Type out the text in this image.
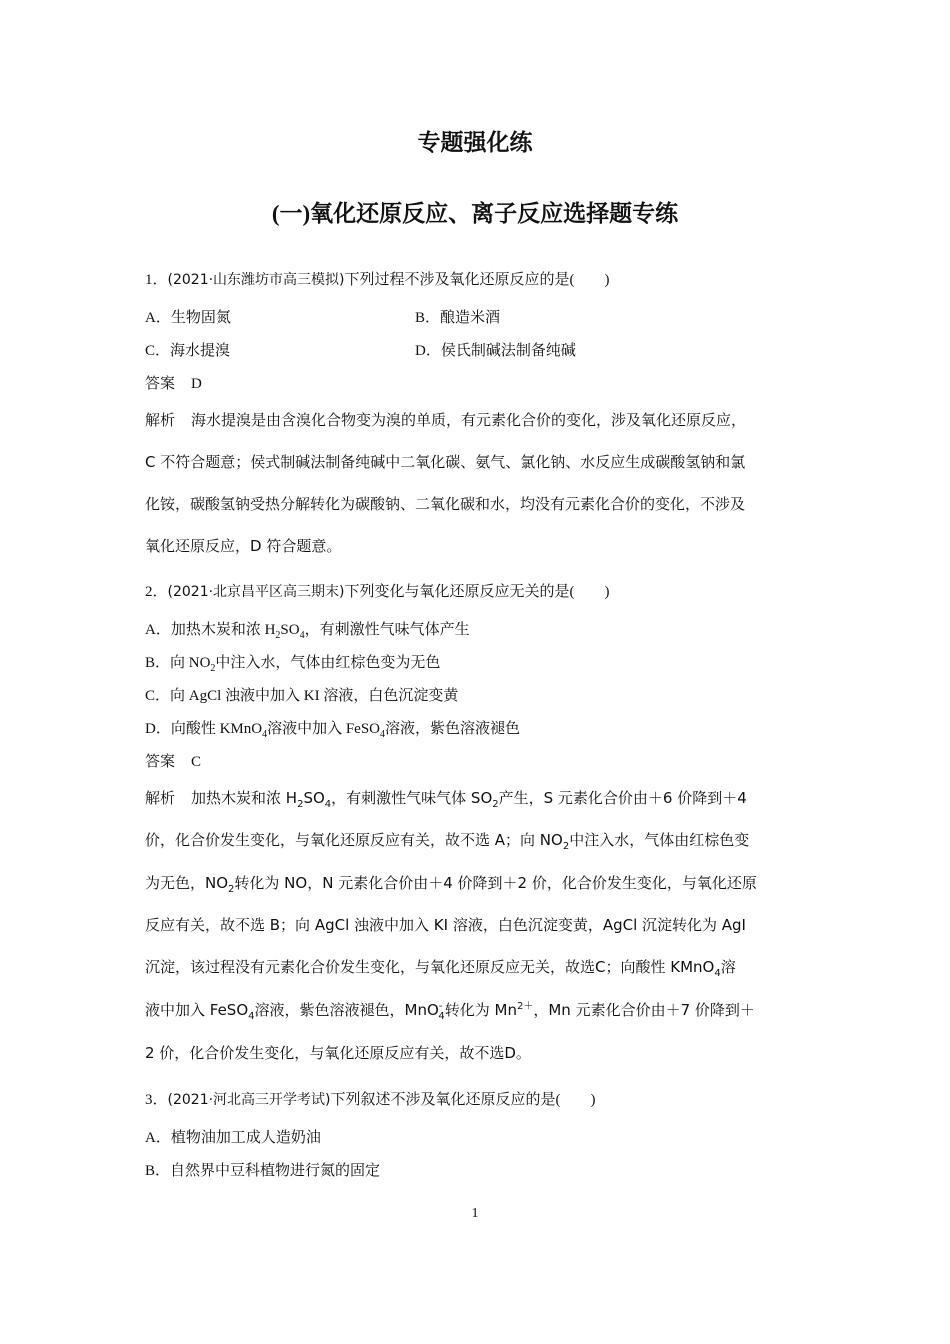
专题强化练
(一)氧化还原反应、离子反应选择题专练
1．(2021·山东潍坊市高三模拟)下列过程不涉及氧化还原反应的是(　　)
A．生物固氮	B．酿造米酒
C．海水提溴	D．侯氏制碱法制备纯碱
答案 D
解析 海水提溴是由含溴化合物变为溴的单质，有元素化合价的变化，涉及氧化还原反应，
C 不符合题意；侯式制碱法制备纯碱中二氧化碳、氨气、氯化钠、水反应生成碳酸氢钠和氯
化铵，碳酸氢钠受热分解转化为碳酸钠、二氧化碳和水，均没有元素化合价的变化，不涉及
氧化还原反应，D 符合题意。
2．(2021·北京昌平区高三期末)下列变化与氧化还原反应无关的是(　　)
A．加热木炭和浓 $H_2SO_4$，有刺激性气味气体产生
B．向 $NO_2$中注入水，气体由红棕色变为无色
C．向 AgCl 浊液中加入 KI 溶液，白色沉淀变黄
D．向酸性 KMnO$_4$溶液中加入 FeSO$_4$溶液，紫色溶液褪色
答案 C
解析 加热木炭和浓 $H_2SO_4$，有刺激性气味气体 $SO_2$产生，S 元素化合价由＋6 价降到＋4
价，化合价发生变化，与氧化还原反应有关，故不选 A；向 $NO_2$中注入水，气体由红棕色变
为无色，$NO_2$转化为 NO，N 元素化合价由＋4 价降到＋2 价，化合价发生变化，与氧化还原
反应有关，故不选 B；向 AgCl 浊液中加入 KI 溶液，白色沉淀变黄，AgCl 沉淀转化为 AgI
沉淀，该过程没有元素化合价发生变化，与氧化还原反应无关，故选C；向酸性 KMnO$_4$溶
液中加入 FeSO$_4$溶液，紫色溶液褪色，MnO-$_4$转化为 $Mn^{2+}$，Mn 元素化合价由＋7 价降到＋
2 价，化合价发生变化，与氧化还原反应有关，故不选D。
3．(2021·河北高三开学考试)下列叙述不涉及氧化还原反应的是(　　)
A．植物油加工成人造奶油
B．自然界中豆科植物进行氮的固定
1
